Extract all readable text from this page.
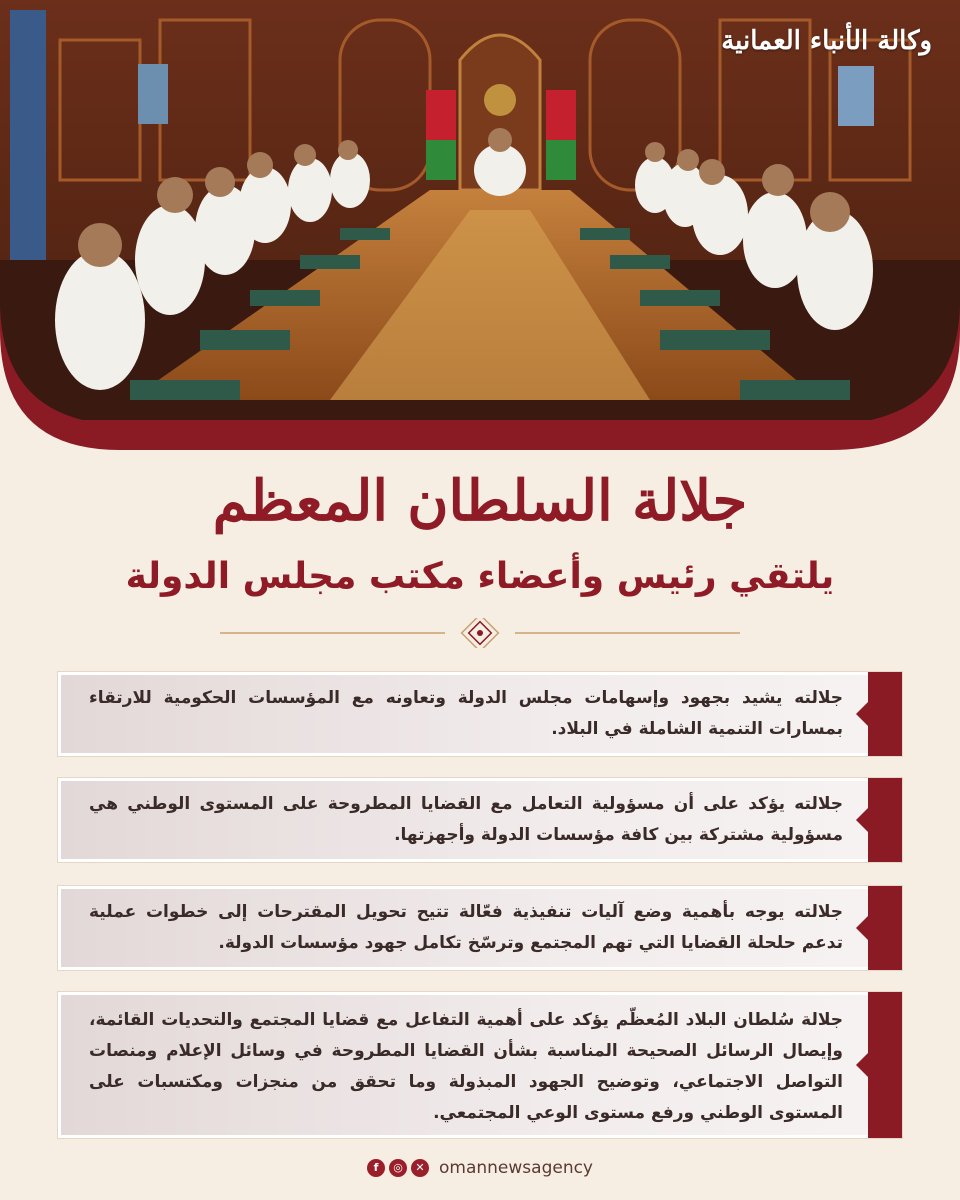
وكالة الأنباء العمانية
جلالة السلطان المعظم
يلتقي رئيس وأعضاء مكتب مجلس الدولة

جلالته يشيد بجهود وإسهامات مجلس الدولة وتعاونه مع المؤسسات الحكومية للارتقاء بمسارات التنمية الشاملة في البلاد.

جلالته يؤكد على أن مسؤولية التعامل مع القضايا المطروحة على المستوى الوطني هي مسؤولية مشتركة بين كافة مؤسسات الدولة وأجهزتها.

جلالته يوجه بأهمية وضع آليات تنفيذية فعّالة تتيح تحويل المقترحات إلى خطوات عملية تدعم حلحلة القضايا التي تهم المجتمع وترسّخ تكامل جهود مؤسسات الدولة.

جلالة سُلطان البلاد المُعظّم يؤكد على أهمية التفاعل مع قضايا المجتمع والتحديات القائمة، وإيصال الرسائل الصحيحة المناسبة بشأن القضايا المطروحة في وسائل الإعلام ومنصات التواصل الاجتماعي، وتوضيح الجهود المبذولة وما تحقق من منجزات ومكتسبات على المستوى الوطني ورفع مستوى الوعي المجتمعي.

f ◎ ✕ omannewsagency
